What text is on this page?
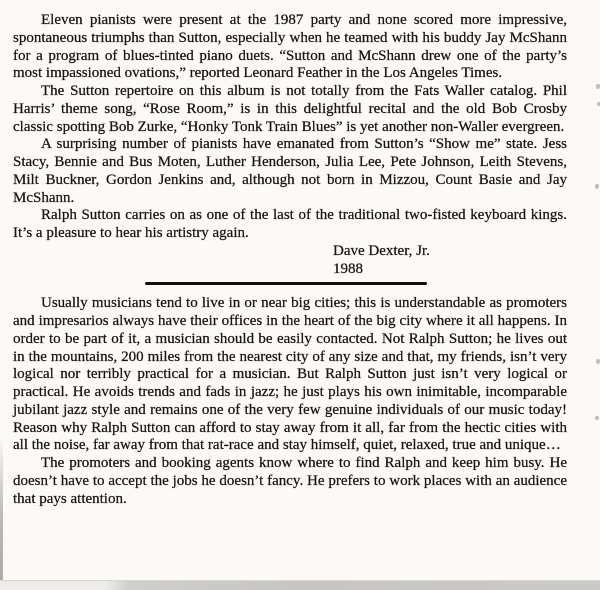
Eleven pianists were present at the 1987 party and none scored more impressive, spontaneous triumphs than Sutton, especially when he teamed with his buddy Jay McShann for a program of blues-tinted piano duets. “Sutton and McShann drew one of the party’s most impassioned ovations,” reported Leonard Feather in the Los Angeles Times.

The Sutton repertoire on this album is not totally from the Fats Waller catalog. Phil Harris’ theme song, “Rose Room,” is in this delightful recital and the old Bob Crosby classic spotting Bob Zurke, “Honky Tonk Train Blues” is yet another non-Waller evergreen.

A surprising number of pianists have emanated from Sutton’s “Show me” state. Jess Stacy, Bennie and Bus Moten, Luther Henderson, Julia Lee, Pete Johnson, Leith Stevens, Milt Buckner, Gordon Jenkins and, although not born in Mizzou, Count Basie and Jay McShann.

Ralph Sutton carries on as one of the last of the traditional two-fisted keyboard kings. It’s a pleasure to hear his artistry again.

Dave Dexter, Jr.
1988

Usually musicians tend to live in or near big cities; this is understandable as promoters and impresarios always have their offices in the heart of the big city where it all happens. In order to be part of it, a musician should be easily contacted. Not Ralph Sutton; he lives out in the mountains, 200 miles from the nearest city of any size and that, my friends, isn’t very logical nor terribly practical for a musician. But Ralph Sutton just isn’t very logical or practical. He avoids trends and fads in jazz; he just plays his own inimitable, incomparable jubilant jazz style and remains one of the very few genuine individuals of our music today! Reason why Ralph Sutton can afford to stay away from it all, far from the hectic cities with all the noise, far away from that rat-race and stay himself, quiet, relaxed, true and unique…

The promoters and booking agents know where to find Ralph and keep him busy. He doesn’t have to accept the jobs he doesn’t fancy. He prefers to work places with an audience that pays attention.
